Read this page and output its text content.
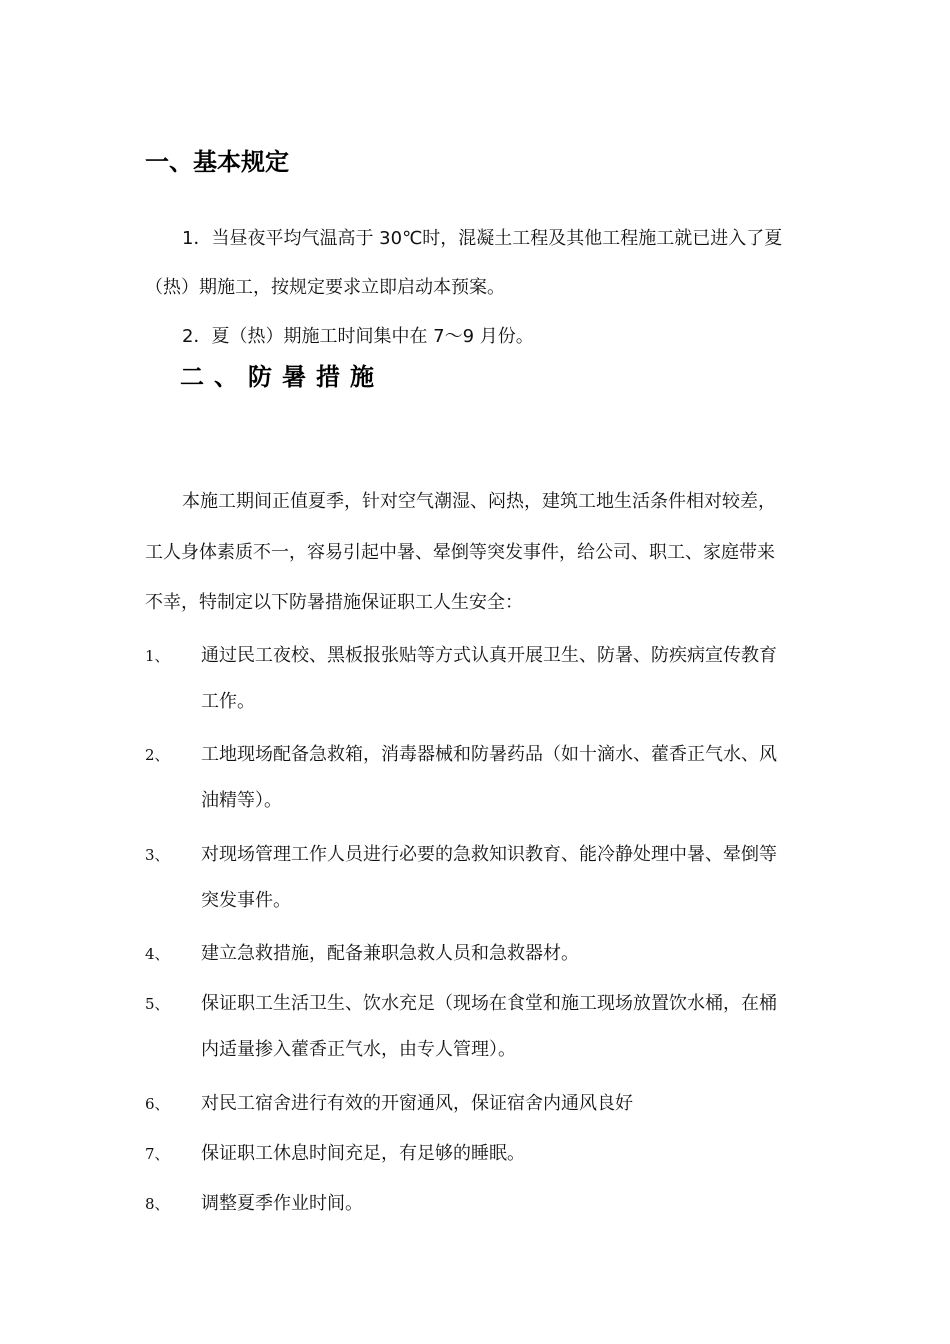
一、基本规定
1．当昼夜平均气温高于 30℃时，混凝土工程及其他工程施工就已进入了夏
（热）期施工，按规定要求立即启动本预案。
2．夏（热）期施工时间集中在 7～9 月份。
二、防暑措施
本施工期间正值夏季，针对空气潮湿、闷热，建筑工地生活条件相对较差，
工人身体素质不一，容易引起中暑、晕倒等突发事件，给公司、职工、家庭带来
不幸，特制定以下防暑措施保证职工人生安全：
1、 通过民工夜校、黑板报张贴等方式认真开展卫生、防暑、防疾病宣传教育
工作。
2、 工地现场配备急救箱，消毒器械和防暑药品（如十滴水、藿香正气水、风
油精等）。
3、 对现场管理工作人员进行必要的急救知识教育、能冷静处理中暑、晕倒等
突发事件。
4、 建立急救措施，配备兼职急救人员和急救器材。
5、 保证职工生活卫生、饮水充足（现场在食堂和施工现场放置饮水桶，在桶
内适量掺入藿香正气水，由专人管理）。
6、 对民工宿舍进行有效的开窗通风，保证宿舍内通风良好
7、 保证职工休息时间充足，有足够的睡眠。
8、 调整夏季作业时间。
